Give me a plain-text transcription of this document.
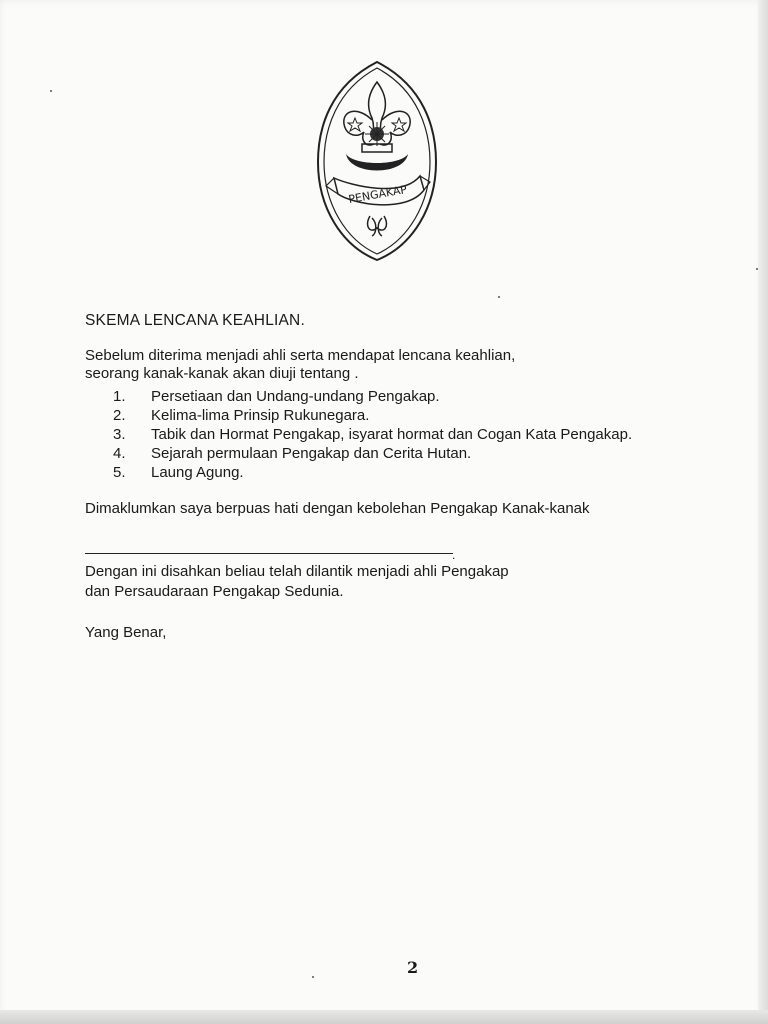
PENGAKAP
SKEMA LENCANA KEAHLIAN.
Sebelum diterima menjadi ahli serta mendapat lencana keahlian,
seorang kanak-kanak akan diuji tentang .
1. Persetiaan dan Undang-undang Pengakap.
2. Kelima-lima Prinsip Rukunegara.
3. Tabik dan Hormat Pengakap, isyarat hormat dan Cogan Kata Pengakap.
4. Sejarah permulaan Pengakap dan Cerita Hutan.
5. Laung Agung.
Dimaklumkan saya berpuas hati dengan kebolehan Pengakap Kanak-kanak
.
Dengan ini disahkan beliau telah dilantik menjadi ahli Pengakap
dan Persaudaraan Pengakap Sedunia.
Yang Benar,
2
